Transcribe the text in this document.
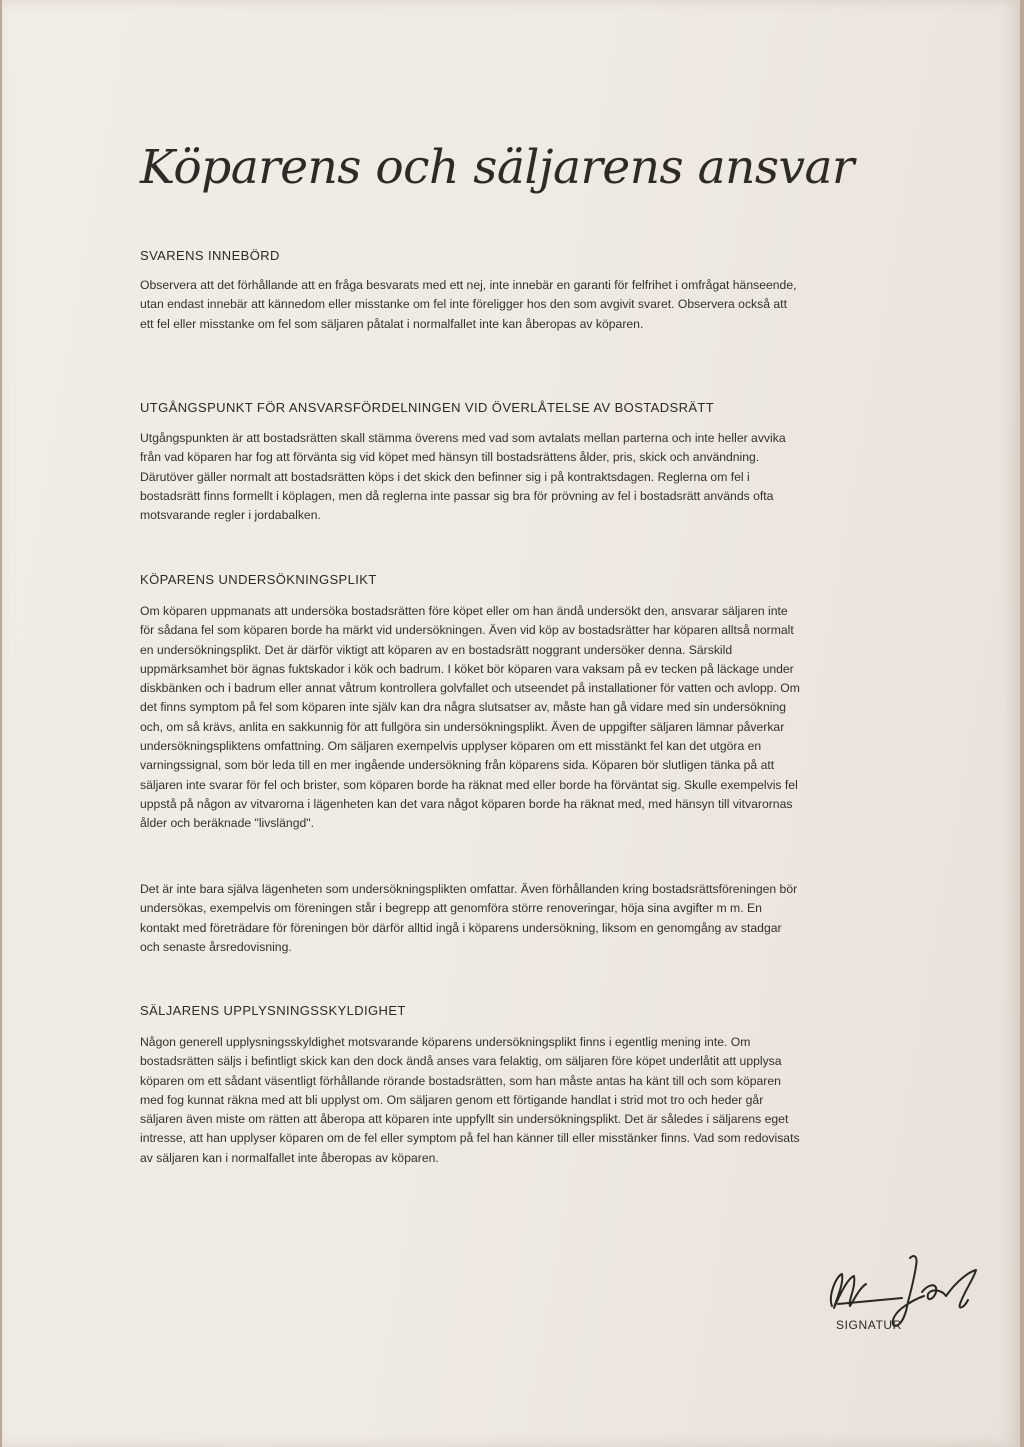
Köparens och säljarens ansvar
SVARENS INNEBÖRD

Observera att det förhållande att en fråga besvarats med ett nej, inte innebär en garanti för felfrihet i omfrågat hänseende, utan endast innebär att kännedom eller misstanke om fel inte föreligger hos den som avgivit svaret. Observera också att ett fel eller misstanke om fel som säljaren påtalat i normalfallet inte kan åberopas av köparen.

UTGÅNGSPUNKT FÖR ANSVARSFÖRDELNINGEN VID ÖVERLÅTELSE AV BOSTADSRÄTT

Utgångspunkten är att bostadsrätten skall stämma överens med vad som avtalats mellan parterna och inte heller avvika från vad köparen har fog att förvänta sig vid köpet med hänsyn till bostadsrättens ålder, pris, skick och användning. Därutöver gäller normalt att bostadsrätten köps i det skick den befinner sig i på kontraktsdagen. Reglerna om fel i bostadsrätt finns formellt i köplagen, men då reglerna inte passar sig bra för prövning av fel i bostadsrätt används ofta motsvarande regler i jordabalken.

KÖPARENS UNDERSÖKNINGSPLIKT

Om köparen uppmanats att undersöka bostadsrätten före köpet eller om han ändå undersökt den, ansvarar säljaren inte för sådana fel som köparen borde ha märkt vid undersökningen. Även vid köp av bostadsrätter har köparen alltså normalt en undersökningsplikt. Det är därför viktigt att köparen av en bostadsrätt noggrant undersöker denna. Särskild uppmärksamhet bör ägnas fuktskador i kök och badrum. I köket bör köparen vara vaksam på ev tecken på läckage under diskbänken och i badrum eller annat våtrum kontrollera golvfallet och utseendet på installationer för vatten och avlopp. Om det finns symptom på fel som köparen inte själv kan dra några slutsatser av, måste han gå vidare med sin undersökning och, om så krävs, anlita en sakkunnig för att fullgöra sin undersökningsplikt. Även de uppgifter säljaren lämnar påverkar undersökningspliktens omfattning. Om säljaren exempelvis upplyser köparen om ett misstänkt fel kan det utgöra en varningssignal, som bör leda till en mer ingående undersökning från köparens sida. Köparen bör slutligen tänka på att säljaren inte svarar för fel och brister, som köparen borde ha räknat med eller borde ha förväntat sig. Skulle exempelvis fel uppstå på någon av vitvarorna i lägenheten kan det vara något köparen borde ha räknat med, med hänsyn till vitvarornas ålder och beräknade "livslängd".

Det är inte bara själva lägenheten som undersökningsplikten omfattar. Även förhållanden kring bostadsrättsföreningen bör undersökas, exempelvis om föreningen står i begrepp att genomföra större renoveringar, höja sina avgifter m m. En kontakt med företrädare för föreningen bör därför alltid ingå i köparens undersökning, liksom en genomgång av stadgar och senaste årsredovisning.

SÄLJARENS UPPLYSNINGSSKYLDIGHET

Någon generell upplysningsskyldighet motsvarande köparens undersökningsplikt finns i egentlig mening inte. Om bostadsrätten säljs i befintligt skick kan den dock ändå anses vara felaktig, om säljaren före köpet underlåtit att upplysa köparen om ett sådant väsentligt förhållande rörande bostadsrätten, som han måste antas ha känt till och som köparen med fog kunnat räkna med att bli upplyst om. Om säljaren genom ett förtigande handlat i strid mot tro och heder går säljaren även miste om rätten att åberopa att köparen inte uppfyllt sin undersökningsplikt. Det är således i säljarens eget intresse, att han upplyser köparen om de fel eller symptom på fel han känner till eller misstänker finns. Vad som redovisats av säljaren kan i normalfallet inte åberopas av köparen.

SIGNATUR
